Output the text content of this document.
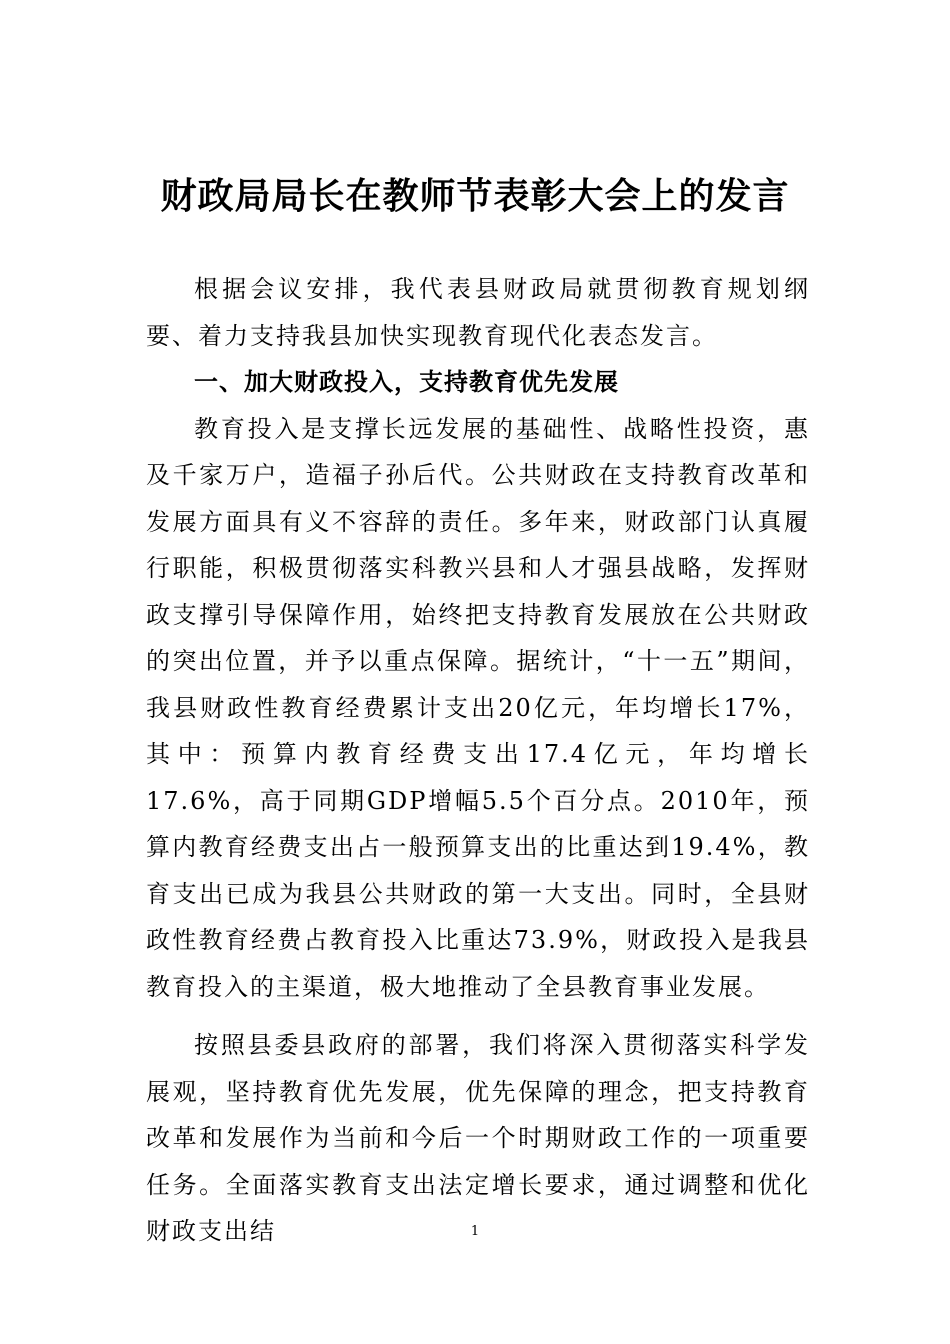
财政局局长在教师节表彰大会上的发言

根据会议安排，我代表县财政局就贯彻教育规划纲要、着力支持我县加快实现教育现代化表态发言。

一、加大财政投入，支持教育优先发展

教育投入是支撑长远发展的基础性、战略性投资，惠及千家万户，造福子孙后代。公共财政在支持教育改革和发展方面具有义不容辞的责任。多年来，财政部门认真履行职能，积极贯彻落实科教兴县和人才强县战略，发挥财政支撑引导保障作用，始终把支持教育发展放在公共财政的突出位置，并予以重点保障。据统计，“十一五”期间，我县财政性教育经费累计支出20亿元，年均增长17%，其中：预算内教育经费支出17.4亿元，年均增长17.6%，高于同期GDP增幅5.5个百分点。2010年，预算内教育经费支出占一般预算支出的比重达到19.4%，教育支出已成为我县公共财政的第一大支出。同时，全县财政性教育经费占教育投入比重达73.9%，财政投入是我县教育投入的主渠道，极大地推动了全县教育事业发展。

按照县委县政府的部署，我们将深入贯彻落实科学发展观，坚持教育优先发展，优先保障的理念，把支持教育改革和发展作为当前和今后一个时期财政工作的一项重要任务。全面落实教育支出法定增长要求，通过调整和优化财政支出结	1
